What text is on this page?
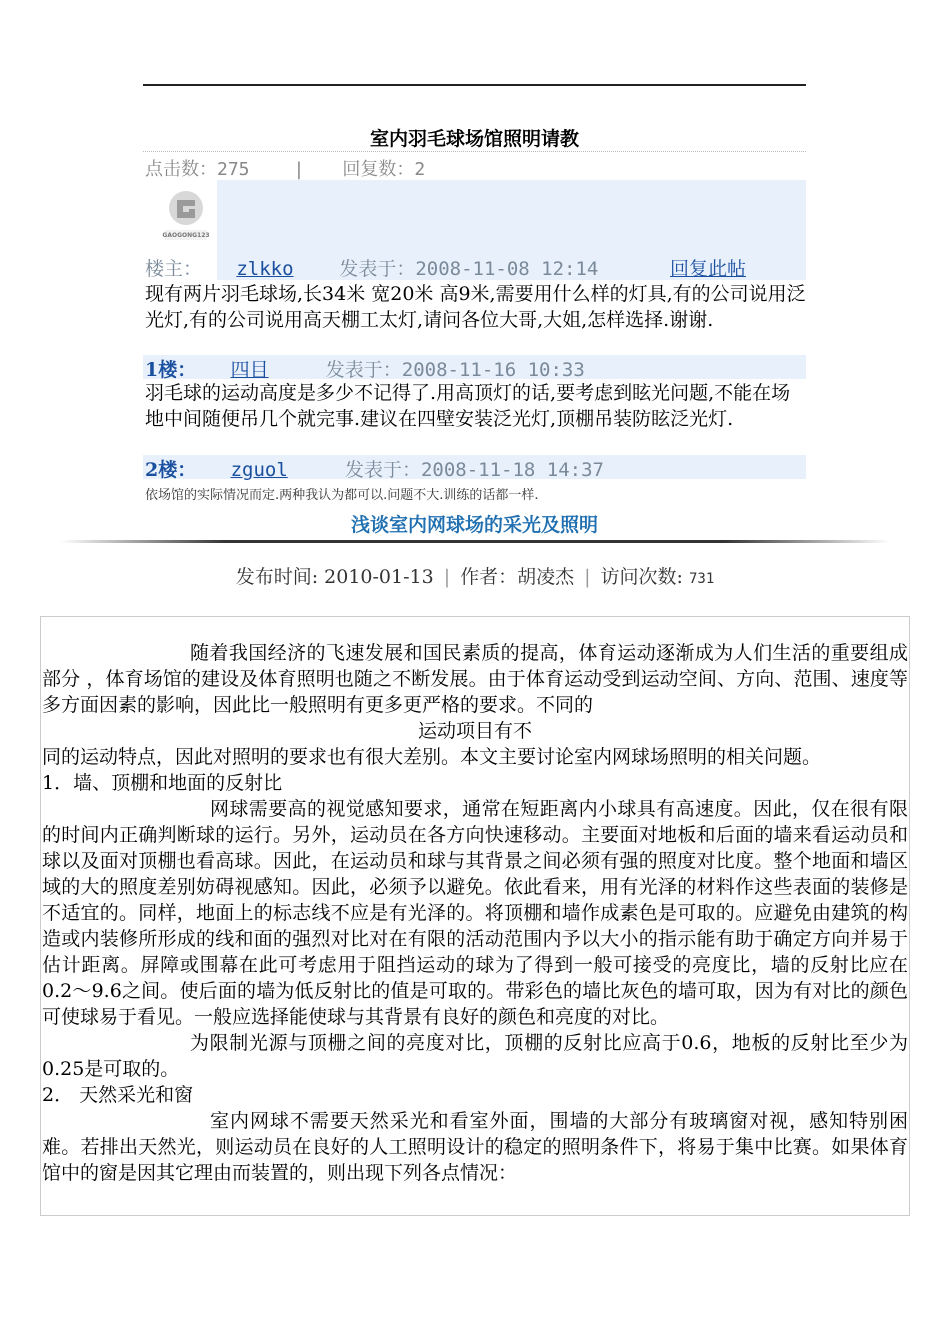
室内羽毛球场馆照明请教
点击数：275 | 回复数：2
GAOGONG123
楼主： zlkko 发表于：2008-11-08 12:14	回复此帖
现有两片羽毛球场,长34米 宽20米 高9米,需要用什么样的灯具,有的公司说用泛光灯,有的公司说用高天棚工太灯,请问各位大哥,大姐,怎样选择.谢谢.
1楼： 四目	发表于：2008-11-16 10:33
羽毛球的运动高度是多少不记得了.用高顶灯的话,要考虑到眩光问题,不能在场地中间随便吊几个就完事.建议在四壁安装泛光灯,顶棚吊装防眩泛光灯.
2楼： zguol	发表于：2008-11-18 14:37
依场馆的实际情况而定.两种我认为都可以.问题不大.训练的话都一样.
浅谈室内网球场的采光及照明
发布时间: 2010-01-13 | 作者：胡凌杰 | 访问次数: 731

随着我国经济的飞速发展和国民素质的提高，体育运动逐渐成为人们生活的重要组成部分 ，体育场馆的建设及体育照明也随之不断发展。由于体育运动受到运动空间、方向、范围、速度等多方面因素的影响，因此比一般照明有更多更严格的要求。不同的

运动项目有不

同的运动特点，因此对照明的要求也有很大差别。本文主要讨论室内网球场照明的相关问题。

1．墙、顶棚和地面的反射比

网球需要高的视觉感知要求，通常在短距离内小球具有高速度。因此，仅在很有限的时间内正确判断球的运行。另外，运动员在各方向快速移动。主要面对地板和后面的墙来看运动员和球以及面对顶棚也看高球。因此，在运动员和球与其背景之间必须有强的照度对比度。整个地面和墙区域的大的照度差别妨碍视感知。因此，必须予以避免。依此看来，用有光泽的材料作这些表面的装修是不适宜的。同样，地面上的标志线不应是有光泽的。将顶棚和墙作成素色是可取的。应避免由建筑的构造或内装修所形成的线和面的强烈对比对在有限的活动范围内予以大小的指示能有助于确定方向并易于估计距离。屏障或围幕在此可考虑用于阻挡运动的球为了得到一般可接受的亮度比，墙的反射比应在 0.2～9.6之间。使后面的墙为低反射比的值是可取的。带彩色的墙比灰色的墙可取，因为有对比的颜色可使球易于看见。一般应选择能使球与其背景有良好的颜色和亮度的对比。

为限制光源与顶栅之间的亮度对比，顶棚的反射比应高于0.6，地板的反射比至少为 0.25是可取的。

2． 天然采光和窗

室内网球不需要天然采光和看室外面，围墙的大部分有玻璃窗对视，感知特别困难。若排出天然光，则运动员在良好的人工照明设计的稳定的照明条件下，将易于集中比赛。如果体育馆中的窗是因其它理由而装置的，则出现下列各点情况：
